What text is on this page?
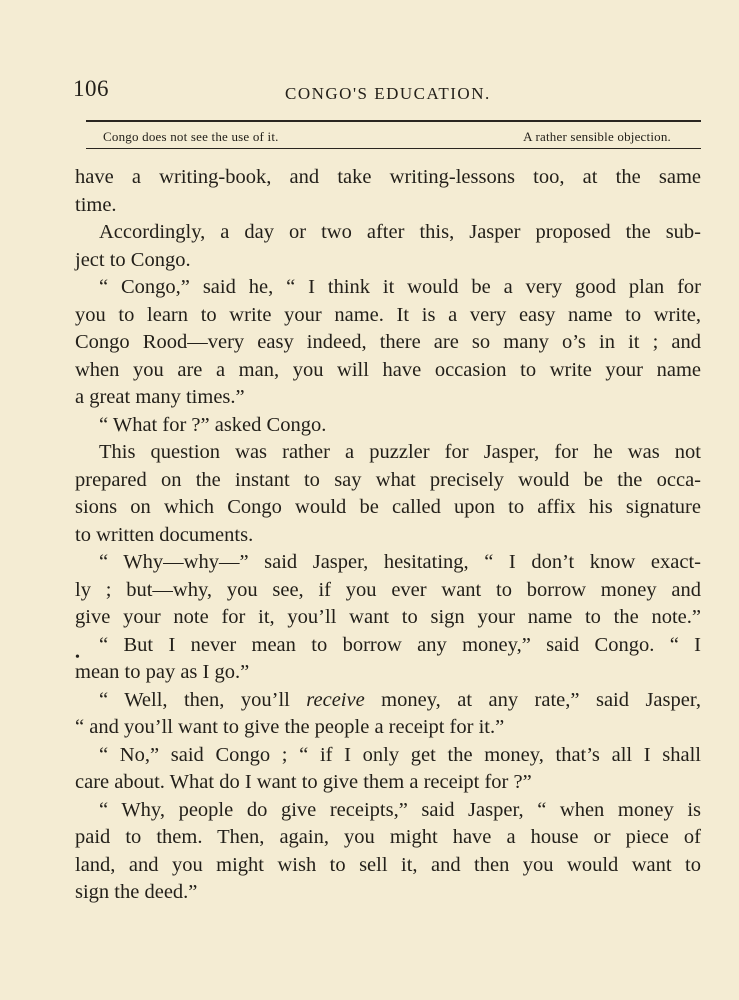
106	CONGO'S EDUCATION.
Congo does not see the use of it.	A rather sensible objection.
•
have a writing-book, and take writing-lessons too, at the same
time.
Accordingly, a day or two after this, Jasper proposed the sub-
ject to Congo.
“ Congo,” said he, “ I think it would be a very good plan for
you to learn to write your name. It is a very easy name to write,
Congo Rood—very easy indeed, there are so many o’s in it ; and
when you are a man, you will have occasion to write your name
a great many times.”
“ What for ?” asked Congo.
This question was rather a puzzler for Jasper, for he was not
prepared on the instant to say what precisely would be the occa-
sions on which Congo would be called upon to affix his signature
to written documents.
“ Why—why—” said Jasper, hesitating, “ I don’t know exact-
ly ; but—why, you see, if you ever want to borrow money and
give your note for it, you’ll want to sign your name to the note.”
“ But I never mean to borrow any money,” said Congo. “ I
mean to pay as I go.”
“ Well, then, you’ll receive money, at any rate,” said Jasper,
“ and you’ll want to give the people a receipt for it.”
“ No,” said Congo ; “ if I only get the money, that’s all I shall
care about. What do I want to give them a receipt for ?”
“ Why, people do give receipts,” said Jasper, “ when money is
paid to them. Then, again, you might have a house or piece of
land, and you might wish to sell it, and then you would want to
sign the deed.”
